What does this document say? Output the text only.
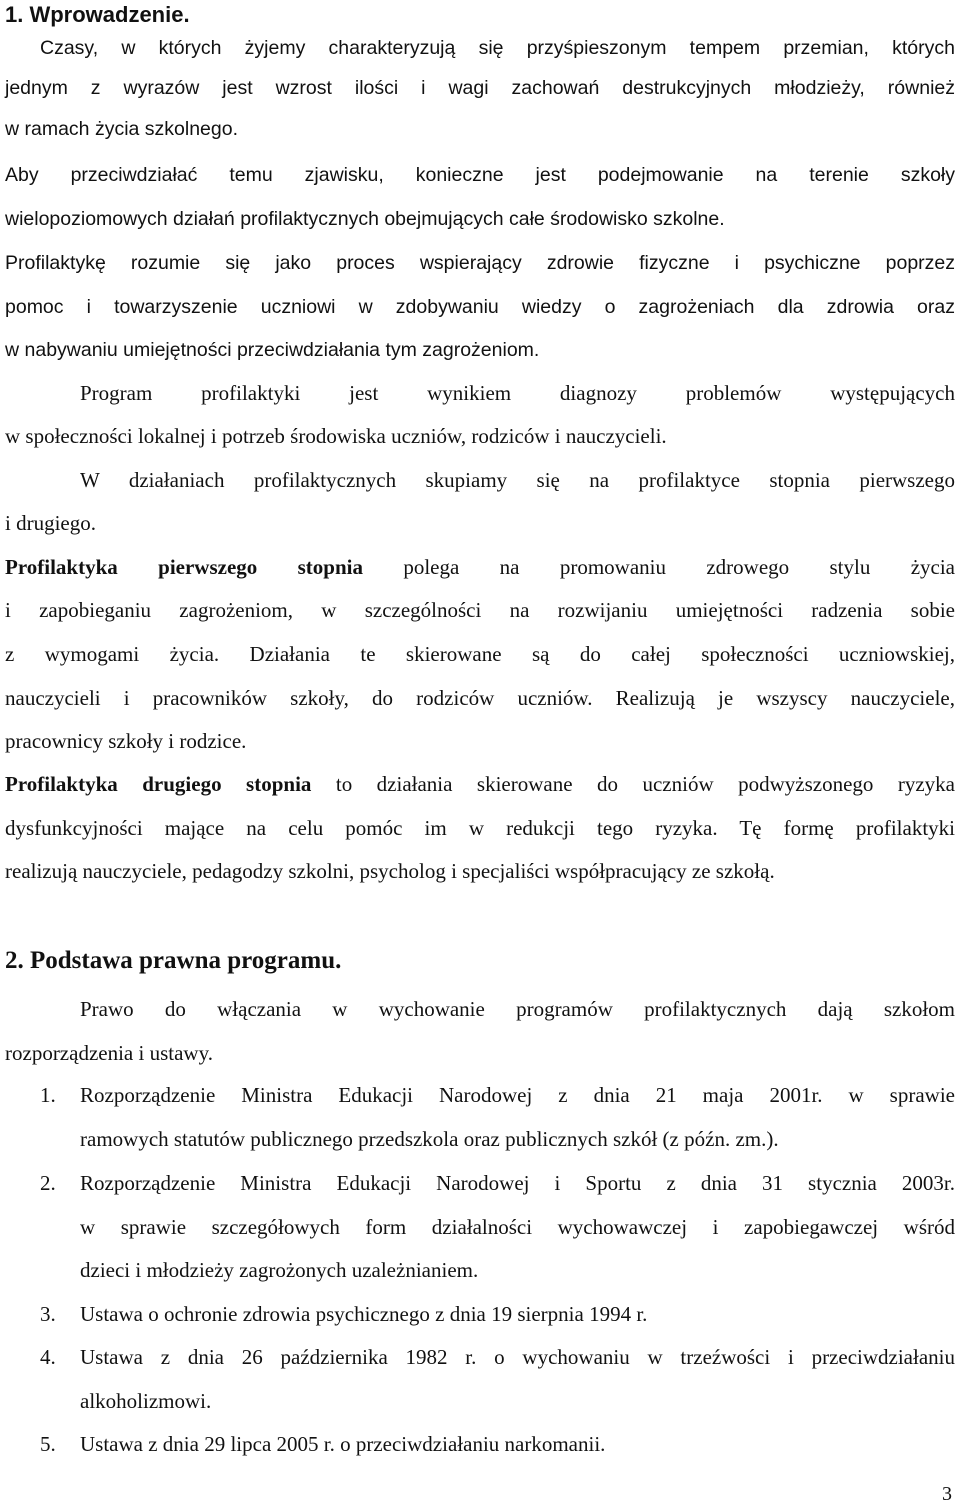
1. Wprowadzenie.

Czasy, w których żyjemy charakteryzują się przyśpieszonym tempem przemian, których

jednym z wyrazów jest wzrost ilości i wagi zachowań destrukcyjnych młodzieży, również

w ramach życia szkolnego.

Aby przeciwdziałać temu zjawisku, konieczne jest podejmowanie na terenie szkoły

wielopoziomowych działań profilaktycznych obejmujących całe środowisko szkolne.

Profilaktykę rozumie się jako proces wspierający zdrowie fizyczne i psychiczne poprzez

pomoc i towarzyszenie uczniowi w zdobywaniu wiedzy o zagrożeniach dla zdrowia oraz

w nabywaniu umiejętności przeciwdziałania tym zagrożeniom.

Program profilaktyki jest wynikiem diagnozy problemów występujących

w społeczności lokalnej i potrzeb środowiska uczniów, rodziców i nauczycieli.

W działaniach profilaktycznych skupiamy się na profilaktyce stopnia pierwszego

i drugiego.

Profilaktyka pierwszego stopnia polega na promowaniu zdrowego stylu życia

i zapobieganiu zagrożeniom, w szczególności na rozwijaniu umiejętności radzenia sobie

z wymogami życia. Działania te skierowane są do całej społeczności uczniowskiej,

nauczycieli i pracowników szkoły, do rodziców uczniów. Realizują je wszyscy nauczyciele,

pracownicy szkoły i rodzice.

Profilaktyka drugiego stopnia to działania skierowane do uczniów podwyższonego ryzyka

dysfunkcyjności mające na celu pomóc im w redukcji tego ryzyka. Tę formę profilaktyki

realizują nauczyciele, pedagodzy szkolni, psycholog i specjaliści współpracujący ze szkołą.

2. Podstawa prawna programu.

Prawo do włączania w wychowanie programów profilaktycznych dają szkołom

rozporządzenia i ustawy.

1.	Rozporządzenie Ministra Edukacji Narodowej z dnia 21 maja 2001r. w sprawie

ramowych statutów publicznego przedszkola oraz publicznych szkół (z późn. zm.).

2.	Rozporządzenie Ministra Edukacji Narodowej i Sportu z dnia 31 stycznia 2003r.

w sprawie szczegółowych form działalności wychowawczej i zapobiegawczej wśród

dzieci i młodzieży zagrożonych uzależnianiem.

3.	Ustawa o ochronie zdrowia psychicznego z dnia 19 sierpnia 1994 r.

4.	Ustawa z dnia 26 października 1982 r. o wychowaniu w trzeźwości i przeciwdziałaniu

alkoholizmowi.

5.	Ustawa z dnia 29 lipca 2005 r. o przeciwdziałaniu narkomanii.

3
